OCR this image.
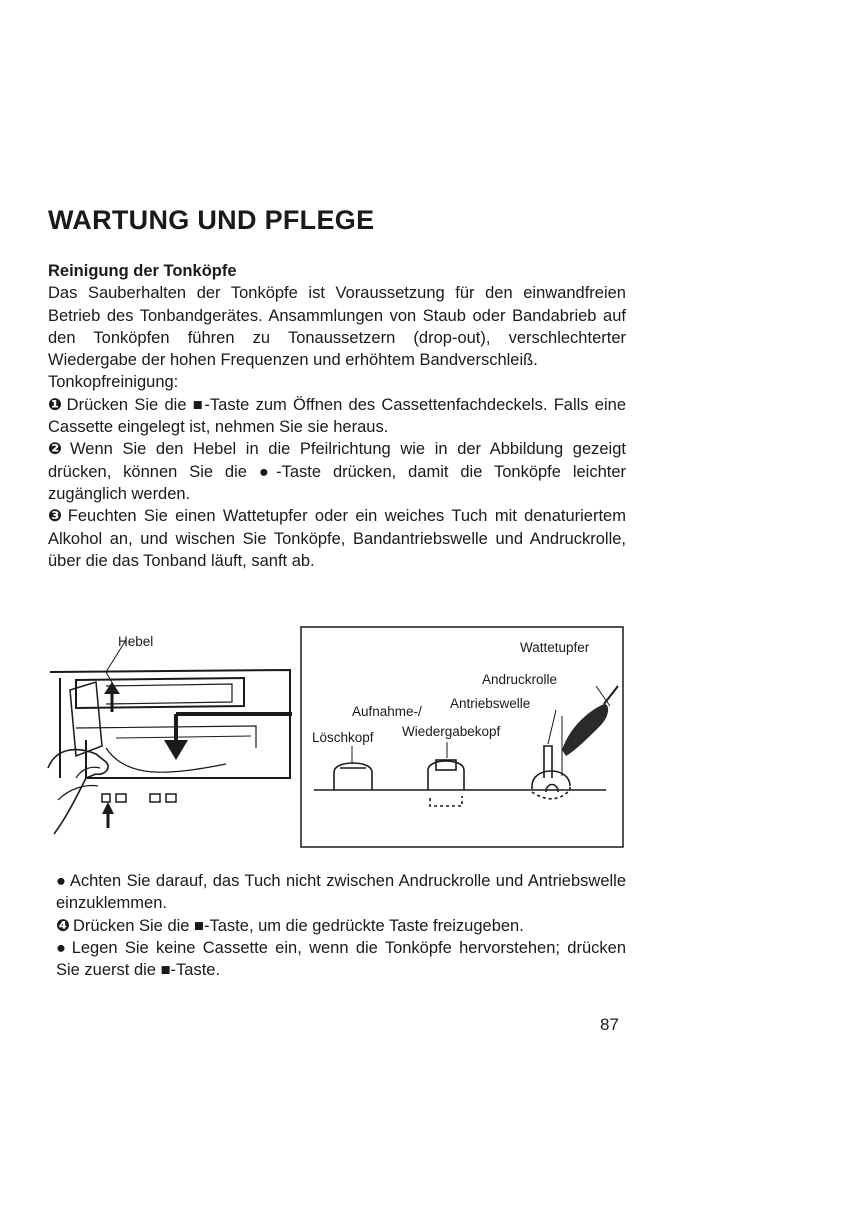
WARTUNG UND PFLEGE

Reinigung der Tonköpfe

Das Sauberhalten der Tonköpfe ist Voraussetzung für den einwandfreien Betrieb des Tonbandgerätes. Ansammlungen von Staub oder Bandabrieb auf den Tonköpfen führen zu Tonaussetzern (drop-out), verschlechterter Wiedergabe der hohen Frequenzen und erhöhtem Bandverschleiß.

Tonkopfreinigung:

❶ Drücken Sie die ■-Taste zum Öffnen des Cassettenfachdeckels. Falls eine Cassette eingelegt ist, nehmen Sie sie heraus.

❷ Wenn Sie den Hebel in die Pfeilrichtung wie in der Abbildung gezeigt drücken, können Sie die ●-Taste drücken, damit die Tonköpfe leichter zugänglich werden.

❸ Feuchten Sie einen Wattetupfer oder ein weiches Tuch mit denaturiertem Alkohol an, und wischen Sie Tonköpfe, Bandantriebswelle und Andruckrolle, über die das Tonband läuft, sanft ab.

Hebel	Wattetupfer
Andruckrolle
Aufnahme-/
Antriebswelle
Löschkopf Wiedergabekopf

● Achten Sie darauf, das Tuch nicht zwischen Andruckrolle und Antriebswelle einzuklemmen.

❹ Drücken Sie die ■-Taste, um die gedrückte Taste freizugeben.

● Legen Sie keine Cassette ein, wenn die Tonköpfe hervorstehen; drücken Sie zuerst die ■-Taste.

87
